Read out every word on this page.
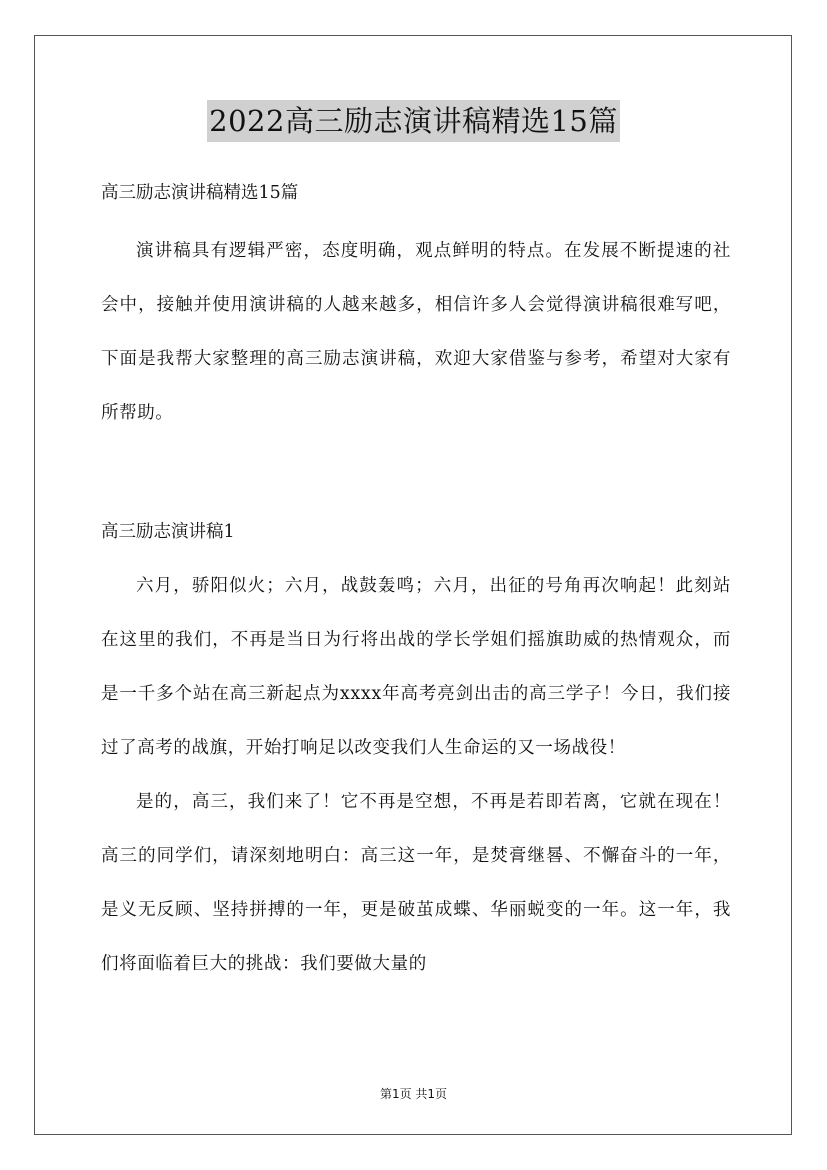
2022高三励志演讲稿精选15篇

高三励志演讲稿精选15篇

演讲稿具有逻辑严密，态度明确，观点鲜明的特点。在发展不断提速的社会中，接触并使用演讲稿的人越来越多，相信许多人会觉得演讲稿很难写吧，下面是我帮大家整理的高三励志演讲稿，欢迎大家借鉴与参考，希望对大家有所帮助。

高三励志演讲稿1

六月，骄阳似火；六月，战鼓轰鸣；六月，出征的号角再次响起！此刻站在这里的我们，不再是当日为行将出战的学长学姐们摇旗助威的热情观众，而是一千多个站在高三新起点为xxxx年高考亮剑出击的高三学子！今日，我们接过了高考的战旗，开始打响足以改变我们人生命运的又一场战役！

是的，高三，我们来了！它不再是空想，不再是若即若离，它就在现在！高三的同学们，请深刻地明白：高三这一年，是焚膏继晷、不懈奋斗的一年，是义无反顾、坚持拼搏的一年，更是破茧成蝶、华丽蜕变的一年。这一年，我们将面临着巨大的挑战：我们要做大量的

第1页 共1页
